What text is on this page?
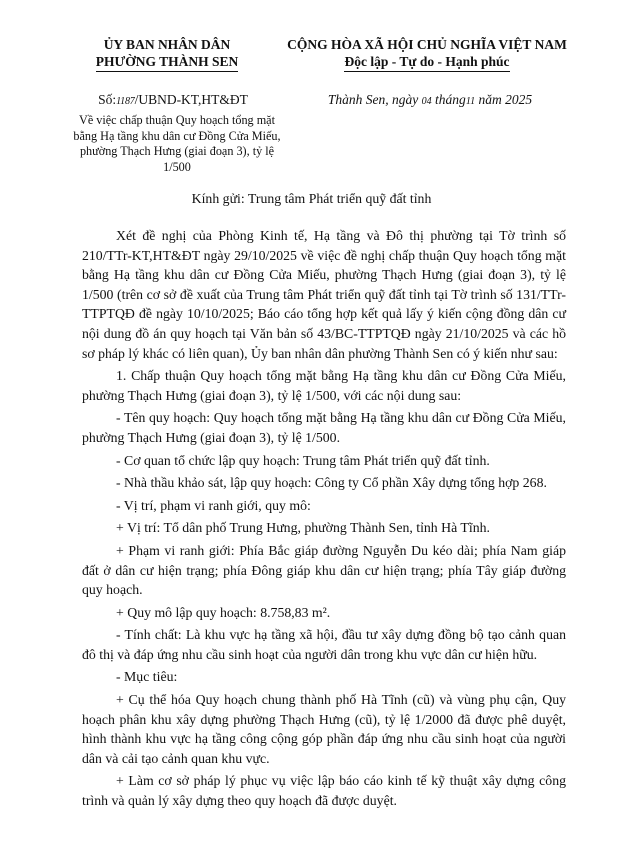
ỦY BAN NHÂN DÂN
PHƯỜNG THÀNH SEN
CỘNG HÒA XÃ HỘI CHỦ NGHĨA VIỆT NAM
Độc lập - Tự do - Hạnh phúc
Số:1187/UBND-KT,HT&ĐT	Thành Sen, ngày 04 tháng11 năm 2025
Về việc chấp thuận Quy hoạch tổng mặt bằng Hạ tầng khu dân cư Đồng Cửa Miếu, phường Thạch Hưng (giai đoạn 3), tỷ lệ 1/500
Kính gửi: Trung tâm Phát triển quỹ đất tỉnh

Xét đề nghị của Phòng Kinh tế, Hạ tầng và Đô thị phường tại Tờ trình số 210/TTr-KT,HT&ĐT ngày 29/10/2025 về việc đề nghị chấp thuận Quy hoạch tổng mặt bằng Hạ tầng khu dân cư Đồng Cửa Miếu, phường Thạch Hưng (giai đoạn 3), tỷ lệ 1/500 (trên cơ sở đề xuất của Trung tâm Phát triển quỹ đất tỉnh tại Tờ trình số 131/TTr-TTPTQĐ đề ngày 10/10/2025; Báo cáo tổng hợp kết quả lấy ý kiến cộng đồng dân cư nội dung đồ án quy hoạch tại Văn bản số 43/BC-TTPTQĐ ngày 21/10/2025 và các hồ sơ pháp lý khác có liên quan), Ủy ban nhân dân phường Thành Sen có ý kiến như sau:

1. Chấp thuận Quy hoạch tổng mặt bằng Hạ tầng khu dân cư Đồng Cửa Miếu, phường Thạch Hưng (giai đoạn 3), tỷ lệ 1/500, với các nội dung sau:

- Tên quy hoạch: Quy hoạch tổng mặt bằng Hạ tầng khu dân cư Đồng Cửa Miếu, phường Thạch Hưng (giai đoạn 3), tỷ lệ 1/500.

- Cơ quan tổ chức lập quy hoạch: Trung tâm Phát triển quỹ đất tỉnh.

- Nhà thầu khảo sát, lập quy hoạch: Công ty Cổ phần Xây dựng tổng hợp 268.

- Vị trí, phạm vi ranh giới, quy mô:

+ Vị trí: Tổ dân phố Trung Hưng, phường Thành Sen, tỉnh Hà Tĩnh.

+ Phạm vi ranh giới: Phía Bắc giáp đường Nguyễn Du kéo dài; phía Nam giáp đất ở dân cư hiện trạng; phía Đông giáp khu dân cư hiện trạng; phía Tây giáp đường quy hoạch.

+ Quy mô lập quy hoạch: 8.758,83 m².

- Tính chất: Là khu vực hạ tầng xã hội, đầu tư xây dựng đồng bộ tạo cảnh quan đô thị và đáp ứng nhu cầu sinh hoạt của người dân trong khu vực dân cư hiện hữu.

- Mục tiêu:

+ Cụ thể hóa Quy hoạch chung thành phố Hà Tĩnh (cũ) và vùng phụ cận, Quy hoạch phân khu xây dựng phường Thạch Hưng (cũ), tỷ lệ 1/2000 đã được phê duyệt, hình thành khu vực hạ tầng công cộng góp phần đáp ứng nhu cầu sinh hoạt của người dân và cải tạo cảnh quan khu vực.

+ Làm cơ sở pháp lý phục vụ việc lập báo cáo kinh tế kỹ thuật xây dựng công trình và quản lý xây dựng theo quy hoạch đã được duyệt.
